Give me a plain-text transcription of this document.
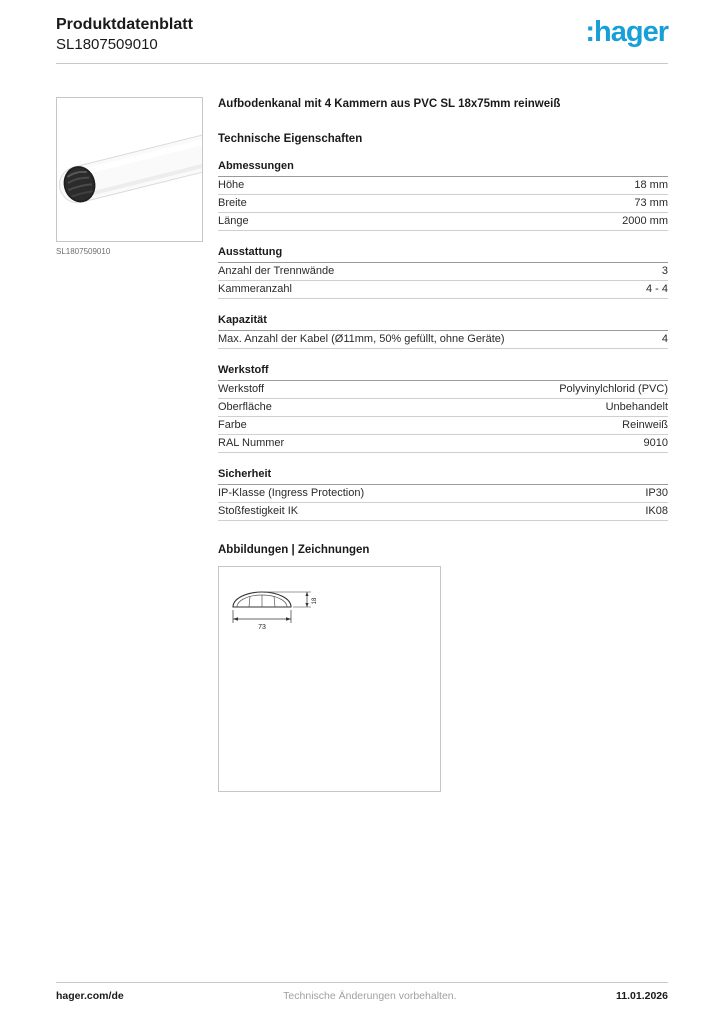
Produktdatenblatt
SL1807509010	:hager
SL1807509010
Aufbodenkanal mit 4 Kammern aus PVC SL 18x75mm reinweiß
Technische Eigenschaften
Abmessungen
Höhe	18 mm
Breite	73 mm
Länge	2000 mm
Ausstattung
Anzahl der Trennwände	3
Kammeranzahl	4 - 4
Kapazität
Max. Anzahl der Kabel (Ø11mm, 50% gefüllt, ohne Geräte)	4
Werkstoff
Werkstoff	Polyvinylchlorid (PVC)
Oberfläche	Unbehandelt
Farbe	Reinweiß
RAL Nummer	9010
Sicherheit
IP-Klasse (Ingress Protection)	IP30
Stoßfestigkeit IK	IK08
Abbildungen | Zeichnungen
73
18
hager.com/de	Technische Änderungen vorbehalten.	11.01.2026
